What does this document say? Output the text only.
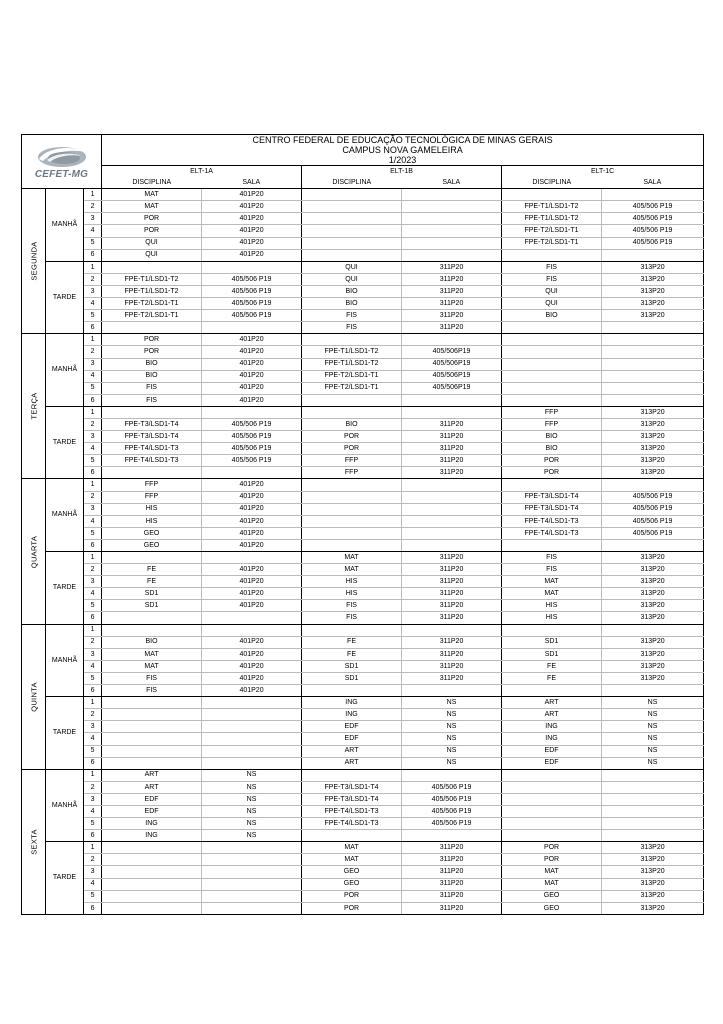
CEFET-MG			CENTRO FEDERAL DE EDUCAÇÃO TECNOLÓGICA DE MINAS GERAIS
CAMPUS NOVA GAMELEIRA
1/2023					

			ELT-1A		ELT-1B		ELT-1C	
			DISCIPLINA	SALA	DISCIPLINA	SALA	DISCIPLINA	SALA

SEGUNDA	MANHÃ	1	MAT	401P20				
		2	MAT	401P20			FPE-T1/LSD1-T2	405/506 P19
		3	POR	401P20			FPE-T1/LSD1-T2	405/506 P19
		4	POR	401P20			FPE-T2/LSD1-T1	405/506 P19
		5	QUI	401P20			FPE-T2/LSD1-T1	405/506 P19
		6	QUI	401P20				
	TARDE	1			QUI	311P20	FIS	313P20
		2	FPE-T1/LSD1-T2	405/506 P19	QUI	311P20	FIS	313P20
		3	FPE-T1/LSD1-T2	405/506 P19	BIO	311P20	QUI	313P20
		4	FPE-T2/LSD1-T1	405/506 P19	BIO	311P20	QUI	313P20
		5	FPE-T2/LSD1-T1	405/506 P19	FIS	311P20	BIO	313P20
		6			FIS	311P20		

TERÇA	MANHÃ	1	POR	401P20				
		2	POR	401P20	FPE-T1/LSD1-T2	405/506P19		
		3	BIO	401P20	FPE-T1/LSD1-T2	405/506P19		
		4	BIO	401P20	FPE-T2/LSD1-T1	405/506P19		
		5	FIS	401P20	FPE-T2/LSD1-T1	405/506P19		
		6	FIS	401P20				
	TARDE	1					FFP	313P20
		2	FPE-T3/LSD1-T4	405/506 P19	BIO	311P20	FFP	313P20
		3	FPE-T3/LSD1-T4	405/506 P19	POR	311P20	BIO	313P20
		4	FPE-T4/LSD1-T3	405/506 P19	POR	311P20	BIO	313P20
		5	FPE-T4/LSD1-T3	405/506 P19	FFP	311P20	POR	313P20
		6			FFP	311P20	POR	313P20

QUARTA	MANHÃ	1	FFP	401P20				
		2	FFP	401P20			FPE-T3/LSD1-T4	405/506 P19
		3	HIS	401P20			FPE-T3/LSD1-T4	405/506 P19
		4	HIS	401P20			FPE-T4/LSD1-T3	405/506 P19
		5	GEO	401P20			FPE-T4/LSD1-T3	405/506 P19
		6	GEO	401P20				
	TARDE	1			MAT	311P20	FIS	313P20
		2	FE	401P20	MAT	311P20	FIS	313P20
		3	FE	401P20	HIS	311P20	MAT	313P20
		4	SD1	401P20	HIS	311P20	MAT	313P20
		5	SD1	401P20	FIS	311P20	HIS	313P20
		6			FIS	311P20	HIS	313P20

QUINTA	MANHÃ	1						
		2	BIO	401P20	FE	311P20	SD1	313P20
		3	MAT	401P20	FE	311P20	SD1	313P20
		4	MAT	401P20	SD1	311P20	FE	313P20
		5	FIS	401P20	SD1	311P20	FE	313P20
		6	FIS	401P20				
	TARDE	1			ING	NS	ART	NS
		2			ING	NS	ART	NS
		3			EDF	NS	ING	NS
		4			EDF	NS	ING	NS
		5			ART	NS	EDF	NS
		6			ART	NS	EDF	NS

SEXTA	MANHÃ	1	ART	NS				
		2	ART	NS	FPE-T3/LSD1-T4	405/506 P19		
		3	EDF	NS	FPE-T3/LSD1-T4	405/506 P19		
		4	EDF	NS	FPE-T4/LSD1-T3	405/506 P19		
		5	ING	NS	FPE-T4/LSD1-T3	405/506 P19		
		6	ING	NS				
	TARDE	1			MAT	311P20	POR	313P20
		2			MAT	311P20	POR	313P20
		3			GEO	311P20	MAT	313P20
		4			GEO	311P20	MAT	313P20
		5			POR	311P20	GEO	313P20
		6			POR	311P20	GEO	313P20
